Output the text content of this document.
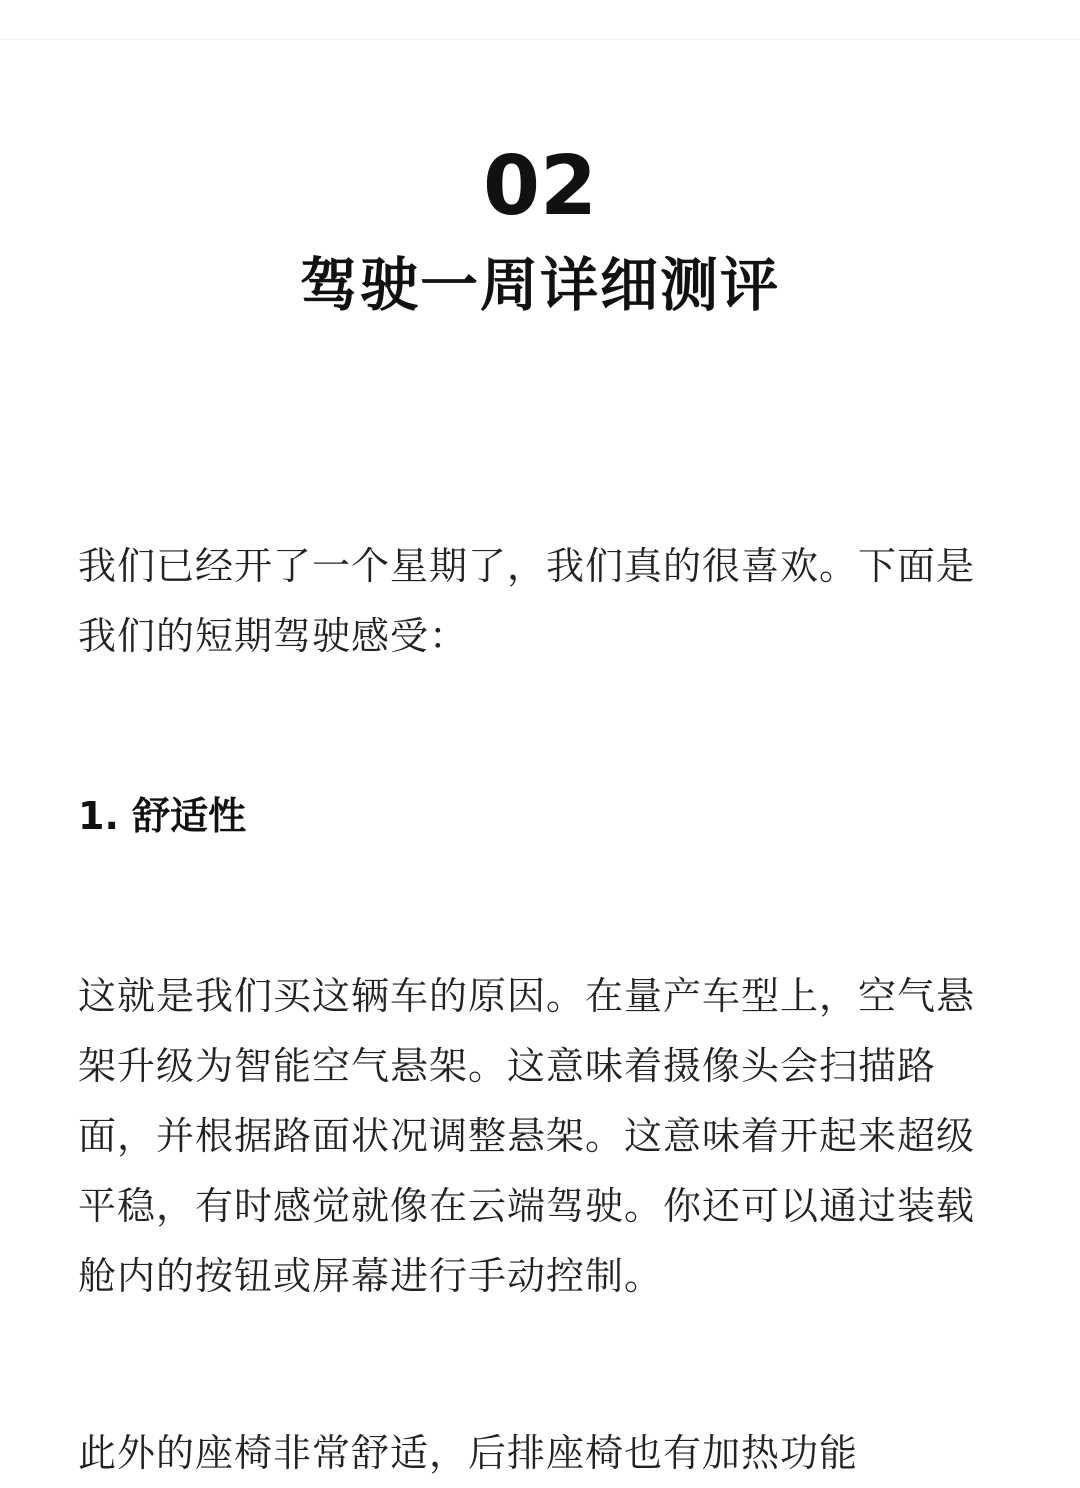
02
驾驶一周详细测评

我们已经开了一个星期了，我们真的很喜欢。下面是我们的短期驾驶感受：

1. 舒适性

这就是我们买这辆车的原因。在量产车型上，空气悬架升级为智能空气悬架。这意味着摄像头会扫描路面，并根据路面状况调整悬架。这意味着开起来超级平稳，有时感觉就像在云端驾驶。你还可以通过装载舱内的按钮或屏幕进行手动控制。

此外的座椅非常舒适，后排座椅也有加热功能
